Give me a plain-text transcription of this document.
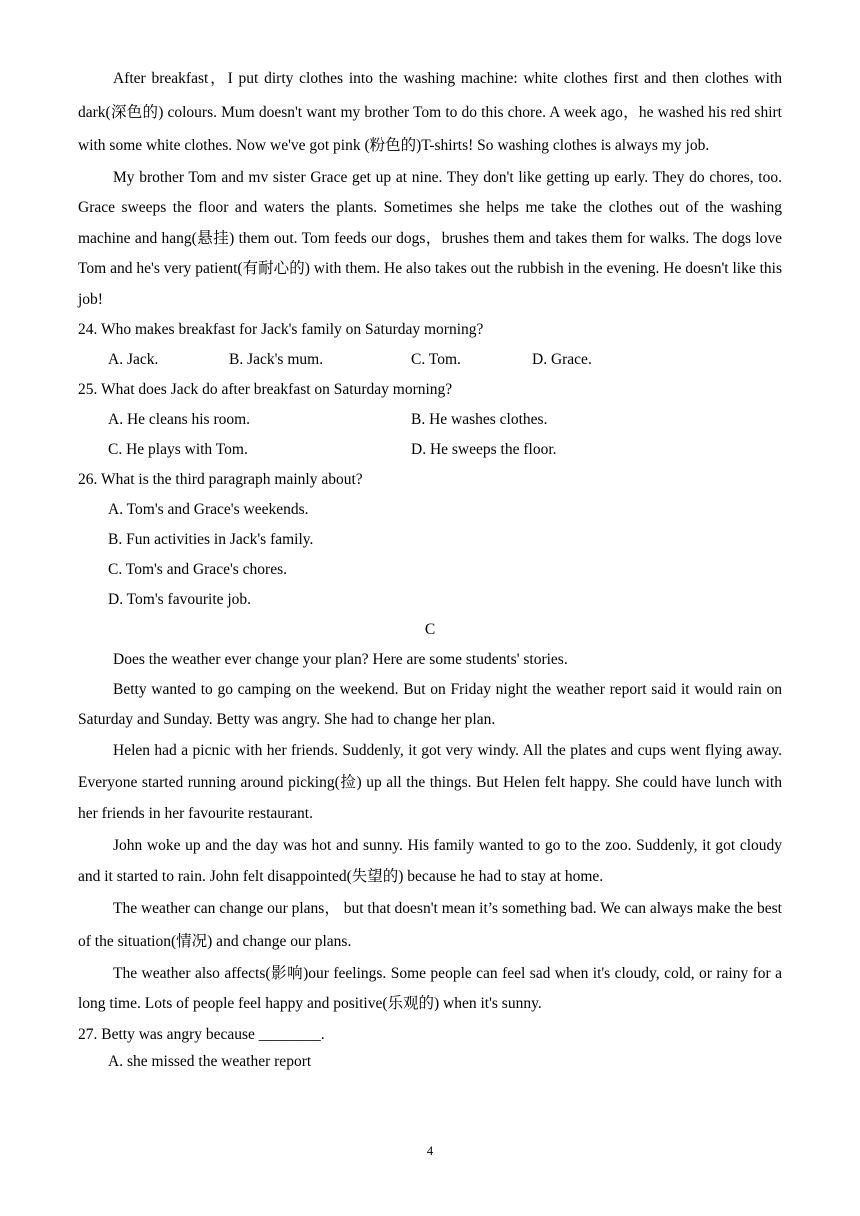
After breakfast，I put dirty clothes into the washing machine: white clothes first and then clothes with dark(深色的) colours. Mum doesn't want my brother Tom to do this chore. A week ago，he washed his red shirt with some white clothes. Now we've got pink (粉色的)T-shirts! So washing clothes is always my job.

My brother Tom and mv sister Grace get up at nine. They don't like getting up early. They do chores, too. Grace sweeps the floor and waters the plants. Sometimes she helps me take the clothes out of the washing machine and hang(悬挂) them out. Tom feeds our dogs，brushes them and takes them for walks. The dogs love Tom and he's very patient(有耐心的) with them. He also takes out the rubbish in the evening. He doesn't like this job!

24. Who makes breakfast for Jack's family on Saturday morning?

A. Jack.	B. Jack's mum.	C. Tom.	D. Grace.

25. What does Jack do after breakfast on Saturday morning?

A. He cleans his room.	B. He washes clothes.
C. He plays with Tom.	D. He sweeps the floor.

26. What is the third paragraph mainly about?

A. Tom's and Grace's weekends.

B. Fun activities in Jack's family.

C. Tom's and Grace's chores.

D. Tom's favourite job.

C

Does the weather ever change your plan? Here are some students' stories.

Betty wanted to go camping on the weekend. But on Friday night the weather report said it would rain on Saturday and Sunday. Betty was angry. She had to change her plan.

Helen had a picnic with her friends. Suddenly, it got very windy. All the plates and cups went flying away. Everyone started running around picking(捡) up all the things. But Helen felt happy. She could have lunch with her friends in her favourite restaurant.

John woke up and the day was hot and sunny. His family wanted to go to the zoo. Suddenly, it got cloudy and it started to rain. John felt disappointed(失望的) because he had to stay at home.

The weather can change our plans， but that doesn't mean it’s something bad. We can always make the best of the situation(情况) and change our plans.

The weather also affects(影响)our feelings. Some people can feel sad when it's cloudy, cold, or rainy for a long time. Lots of people feel happy and positive(乐观的) when it's sunny.

27. Betty was angry because ________.

A. she missed the weather report

4
